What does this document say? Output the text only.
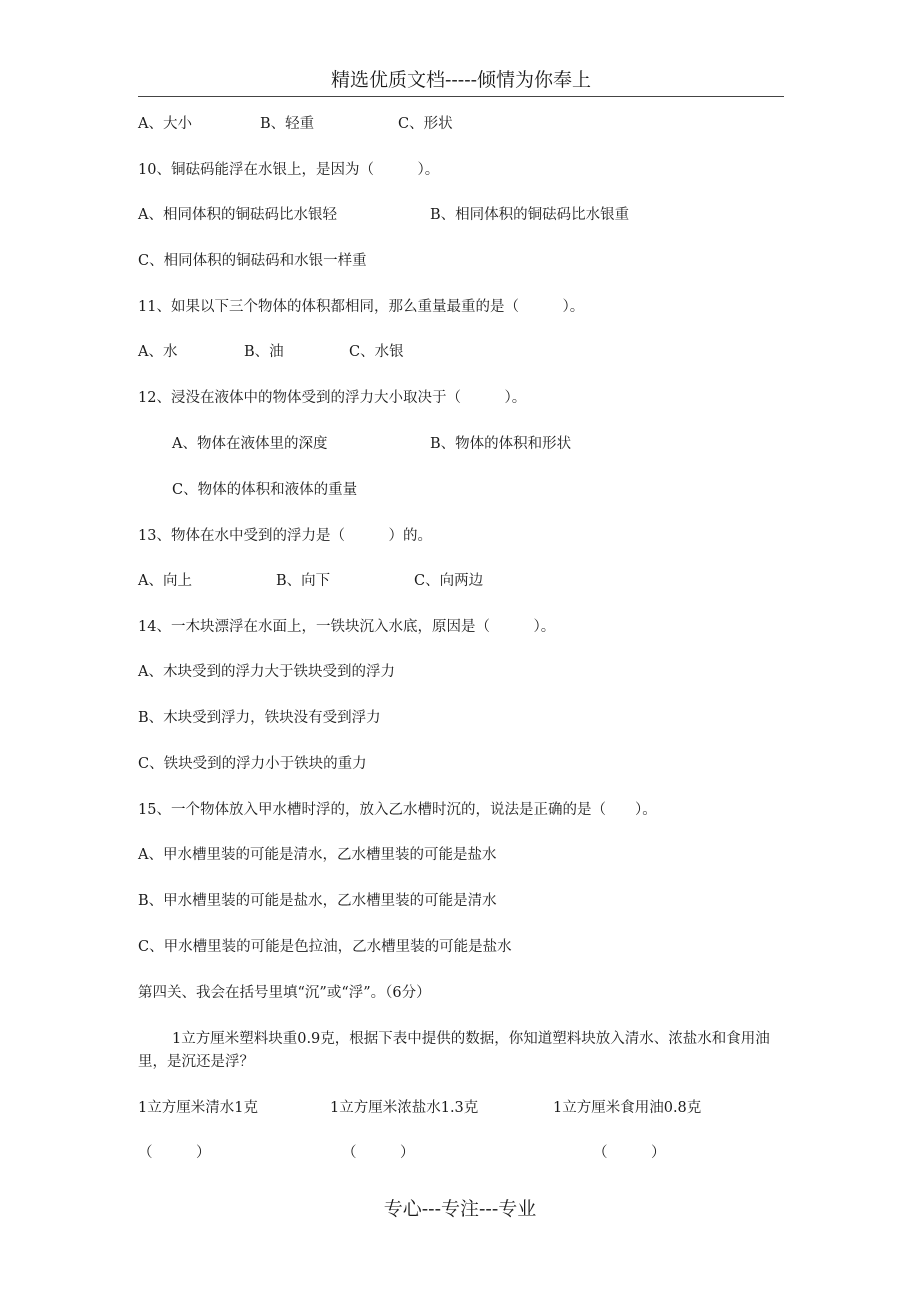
精选优质文档-----倾情为你奉上
A、大小	B、轻重	C、形状
10、铜砝码能浮在水银上，是因为（　　　）。
A、相同体积的铜砝码比水银轻	B、相同体积的铜砝码比水银重
C、相同体积的铜砝码和水银一样重
11、如果以下三个物体的体积都相同，那么重量最重的是（　　　）。
A、水	B、油	C、水银
12、浸没在液体中的物体受到的浮力大小取决于（　　　）。
A、物体在液体里的深度	B、物体的体积和形状
C、物体的体积和液体的重量
13、物体在水中受到的浮力是（　　　）的。
A、向上	B、向下	C、向两边
14、一木块漂浮在水面上，一铁块沉入水底，原因是（　　　）。
A、木块受到的浮力大于铁块受到的浮力
B、木块受到浮力，铁块没有受到浮力
C、铁块受到的浮力小于铁块的重力
15、一个物体放入甲水槽时浮的，放入乙水槽时沉的，说法是正确的是（　　）。
A、甲水槽里装的可能是清水，乙水槽里装的可能是盐水
B、甲水槽里装的可能是盐水，乙水槽里装的可能是清水
C、甲水槽里装的可能是色拉油，乙水槽里装的可能是盐水
第四关、我会在括号里填“沉”或“浮”。（6分）
1立方厘米塑料块重0.9克，根据下表中提供的数据，你知道塑料块放入清水、浓盐水和食用油里，是沉还是浮？
1立方厘米清水1克	1立方厘米浓盐水1.3克	1立方厘米食用油0.8克
（　　　）	（　　　）	（　　　）
专心---专注---专业
